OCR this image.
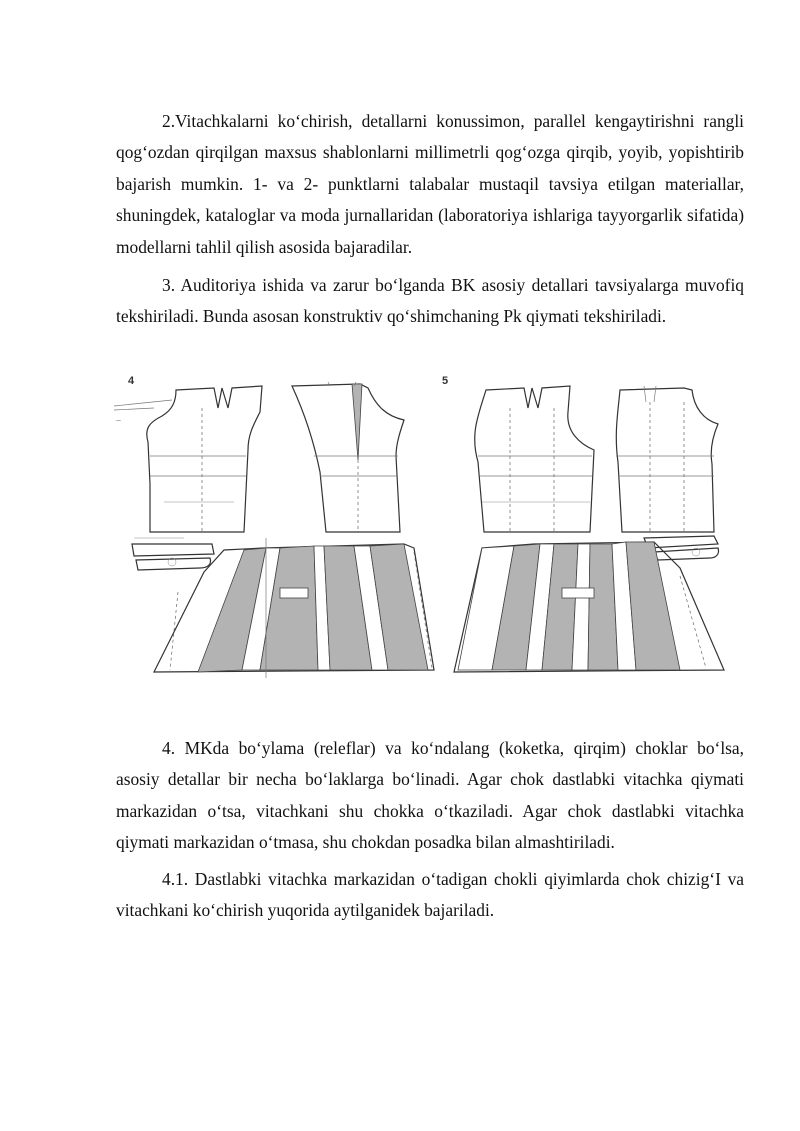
2.Vitachkalarni ko‘chirish, detallarni konussimon, parallel kengaytirishni rangli qog‘ozdan qirqilgan maxsus shablonlarni millimetrli qog‘ozga qirqib, yoyib, yopishtirib bajarish mumkin. 1- va 2- punktlarni talabalar mustaqil tavsiya etilgan materiallar, shuningdek, kataloglar va moda jurnallaridan (laboratoriya ishlariga tayyorgarlik sifatida) modellarni tahlil qilish asosida bajaradilar.

3. Auditoriya ishida va zarur bo‘lganda BK asosiy detallari tavsiyalarga muvofiq tekshiriladi. Bunda asosan konstruktiv qo‘shimchaning Pk qiymati tekshiriladi.

4	5
⁓

4. MKda bo‘ylama (releflar) va ko‘ndalang (koketka, qirqim) choklar bo‘lsa, asosiy detallar bir necha bo‘laklarga bo‘linadi. Agar chok dastlabki vitachka qiymati markazidan o‘tsa, vitachkani shu chokka o‘tkaziladi. Agar chok dastlabki vitachka qiymati markazidan o‘tmasa, shu chokdan posadka bilan almashtiriladi.

4.1. Dastlabki vitachka markazidan o‘tadigan chokli qiyimlarda chok chizig‘I va vitachkani ko‘chirish yuqorida aytilganidek bajariladi.
